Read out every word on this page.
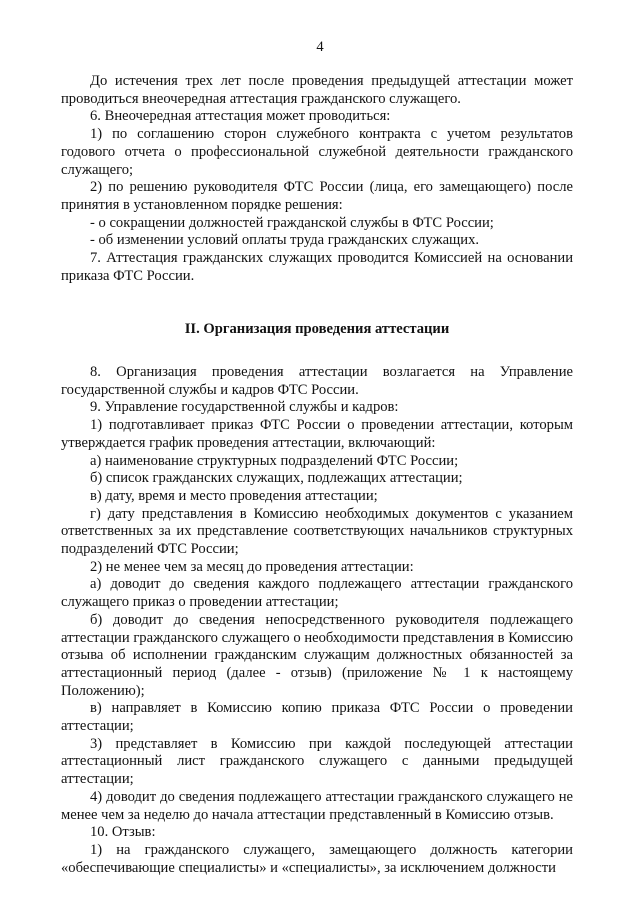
4

До истечения трех лет после проведения предыдущей аттестации может проводиться внеочередная аттестация гражданского служащего.

6. Внеочередная аттестация может проводиться:

1) по соглашению сторон служебного контракта с учетом результатов годового отчета о профессиональной служебной деятельности гражданского служащего;

2) по решению руководителя ФТС России (лица, его замещающего) после принятия в установленном порядке решения:

- о сокращении должностей гражданской службы в ФТС России;

- об изменении условий оплаты труда гражданских служащих.

7. Аттестация гражданских служащих проводится Комиссией на основании приказа ФТС России.

II. Организация проведения аттестации

8. Организация проведения аттестации возлагается на Управление государственной службы и кадров ФТС России.

9. Управление государственной службы и кадров:

1) подготавливает приказ ФТС России о проведении аттестации, которым утверждается график проведения аттестации, включающий:

а) наименование структурных подразделений ФТС России;

б) список гражданских служащих, подлежащих аттестации;

в) дату, время и место проведения аттестации;

г) дату представления в Комиссию необходимых документов с указанием ответственных за их представление соответствующих начальников структурных подразделений ФТС России;

2) не менее чем за месяц до проведения аттестации:

а) доводит до сведения каждого подлежащего аттестации гражданского служащего приказ о проведении аттестации;

б) доводит до сведения непосредственного руководителя подлежащего аттестации гражданского служащего о необходимости представления в Комиссию отзыва об исполнении гражданским служащим должностных обязанностей за аттестационный период (далее - отзыв) (приложение № 1 к настоящему Положению);

в) направляет в Комиссию копию приказа ФТС России о проведении аттестации;

3) представляет в Комиссию при каждой последующей аттестации аттестационный лист гражданского служащего с данными предыдущей аттестации;

4) доводит до сведения подлежащего аттестации гражданского служащего не менее чем за неделю до начала аттестации представленный в Комиссию отзыв.

10. Отзыв:

1) на гражданского служащего, замещающего должность категории «обеспечивающие специалисты» и «специалисты», за исключением должности
